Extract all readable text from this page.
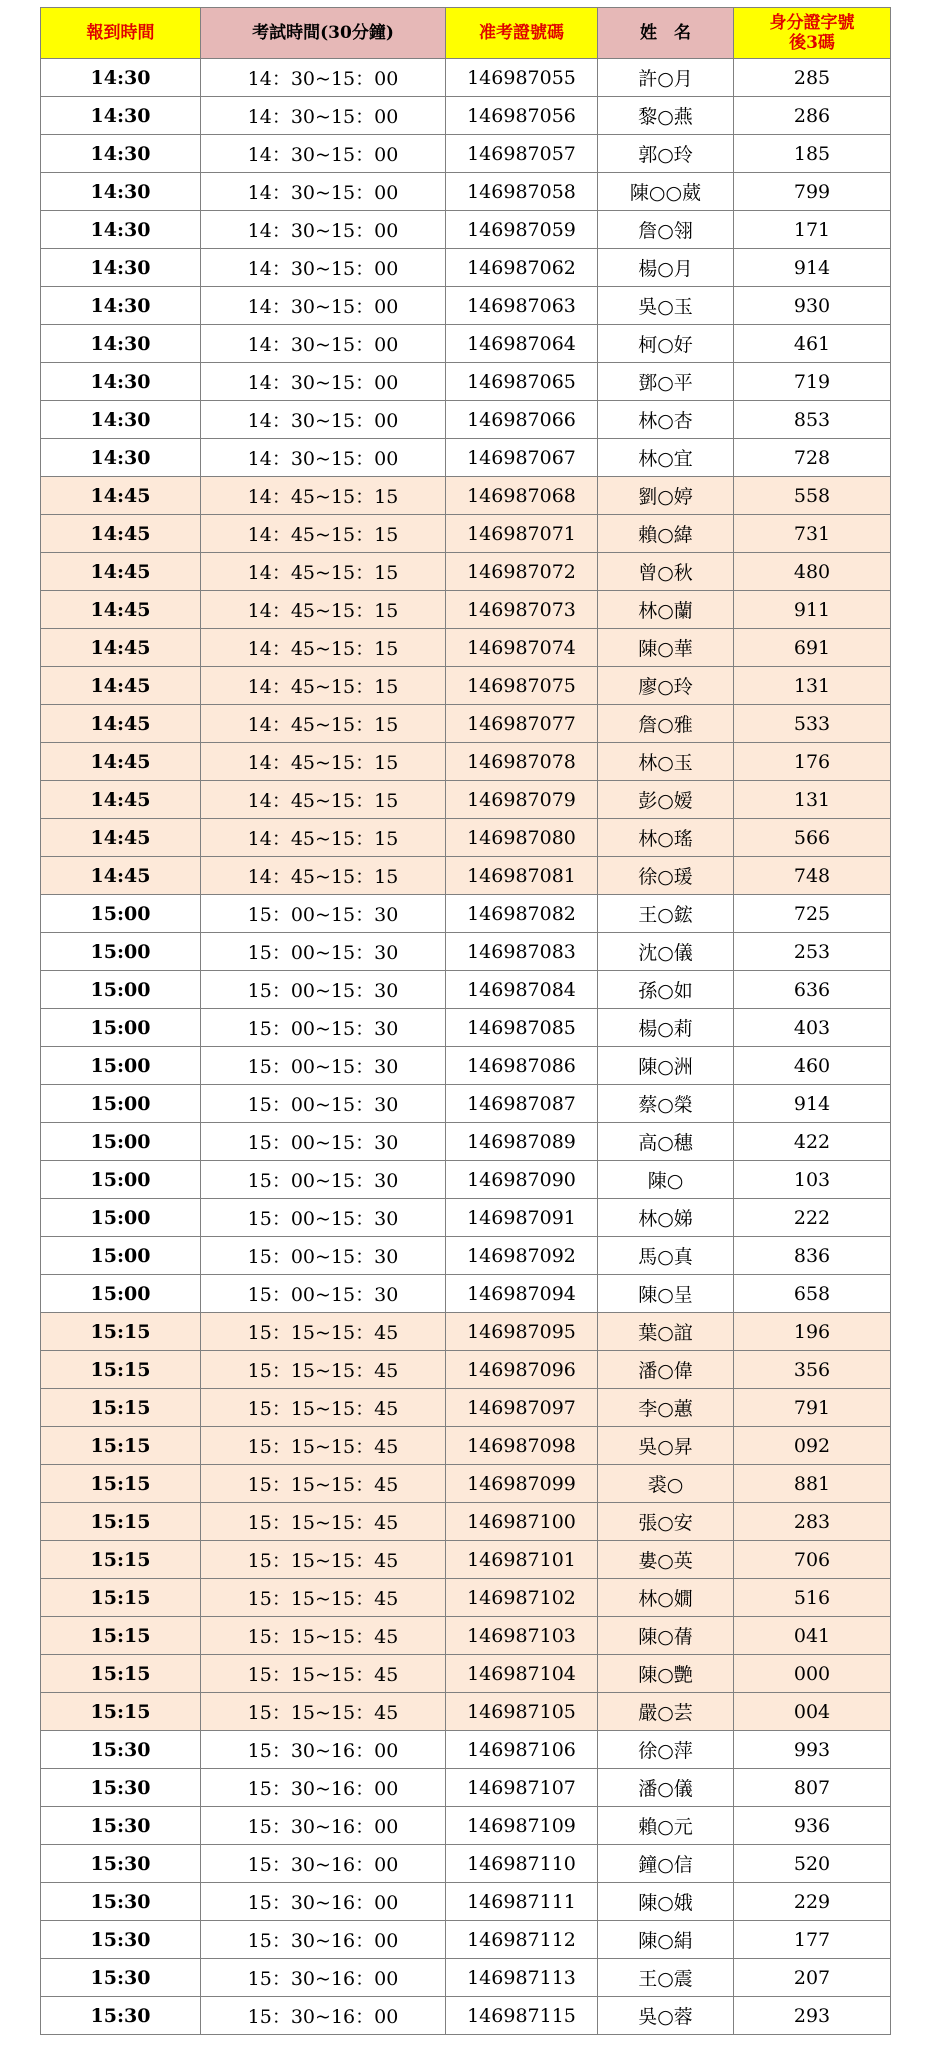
報到時間	考試時間(30分鐘)	准考證號碼	姓　名	身分證字號
後3碼
14:30	14：30~15：00	146987055	許○月	285
14:30	14：30~15：00	146987056	黎○燕	286
14:30	14：30~15：00	146987057	郭○玲	185
14:30	14：30~15：00	146987058	陳○○葳	799
14:30	14：30~15：00	146987059	詹○翎	171
14:30	14：30~15：00	146987062	楊○月	914
14:30	14：30~15：00	146987063	吳○玉	930
14:30	14：30~15：00	146987064	柯○好	461
14:30	14：30~15：00	146987065	鄧○平	719
14:30	14：30~15：00	146987066	林○杏	853
14:30	14：30~15：00	146987067	林○宜	728
14:45	14：45~15：15	146987068	劉○婷	558
14:45	14：45~15：15	146987071	賴○緯	731
14:45	14：45~15：15	146987072	曾○秋	480
14:45	14：45~15：15	146987073	林○蘭	911
14:45	14：45~15：15	146987074	陳○華	691
14:45	14：45~15：15	146987075	廖○玲	131
14:45	14：45~15：15	146987077	詹○雅	533
14:45	14：45~15：15	146987078	林○玉	176
14:45	14：45~15：15	146987079	彭○嫒	131
14:45	14：45~15：15	146987080	林○瑤	566
14:45	14：45~15：15	146987081	徐○瑗	748
15:00	15：00~15：30	146987082	王○鋐	725
15:00	15：00~15：30	146987083	沈○儀	253
15:00	15：00~15：30	146987084	孫○如	636
15:00	15：00~15：30	146987085	楊○莉	403
15:00	15：00~15：30	146987086	陳○洲	460
15:00	15：00~15：30	146987087	蔡○榮	914
15:00	15：00~15：30	146987089	高○穗	422
15:00	15：00~15：30	146987090	陳○	103
15:00	15：00~15：30	146987091	林○娣	222
15:00	15：00~15：30	146987092	馬○真	836
15:00	15：00~15：30	146987094	陳○呈	658
15:15	15：15~15：45	146987095	葉○誼	196
15:15	15：15~15：45	146987096	潘○偉	356
15:15	15：15~15：45	146987097	李○蕙	791
15:15	15：15~15：45	146987098	吳○昇	092
15:15	15：15~15：45	146987099	裘○	881
15:15	15：15~15：45	146987100	張○安	283
15:15	15：15~15：45	146987101	婁○英	706
15:15	15：15~15：45	146987102	林○嫺	516
15:15	15：15~15：45	146987103	陳○蒨	041
15:15	15：15~15：45	146987104	陳○艷	000
15:15	15：15~15：45	146987105	嚴○芸	004
15:30	15：30~16：00	146987106	徐○萍	993
15:30	15：30~16：00	146987107	潘○儀	807
15:30	15：30~16：00	146987109	賴○元	936
15:30	15：30~16：00	146987110	鐘○信	520
15:30	15：30~16：00	146987111	陳○娥	229
15:30	15：30~16：00	146987112	陳○絹	177
15:30	15：30~16：00	146987113	王○震	207
15:30	15：30~16：00	146987115	吳○蓉	293
